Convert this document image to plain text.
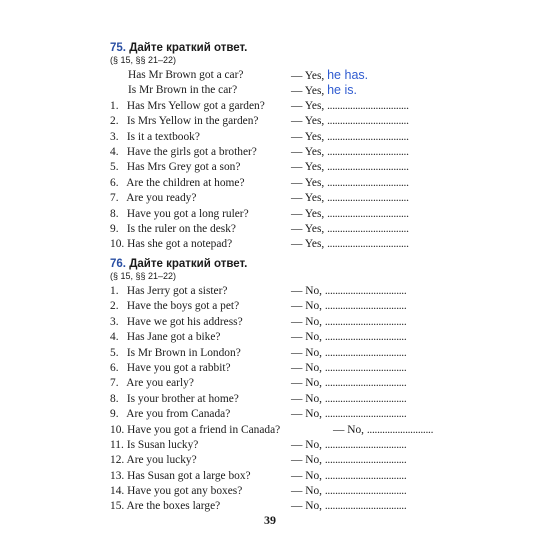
75. Дайте краткий ответ.
(§ 15, §§ 21–22)
Has Mr Brown got a car?	— Yes, he has.
Is Mr Brown in the car?	— Yes, he is.
1. Has Mrs Yellow got a garden? — Yes, ................................
2. Is Mrs Yellow in the garden?	— Yes, ................................
3. Is it a textbook?	— Yes, ................................
4. Have the girls got a brother?	— Yes, ................................
5. Has Mrs Grey got a son?	— Yes, ................................
6. Are the children at home?	— Yes, ................................
7. Are you ready?	— Yes, ................................
8. Have you got a long ruler?	— Yes, ................................
9. Is the ruler on the desk?	— Yes, ................................
10. Has she got a notepad?	— Yes, ................................
76. Дайте краткий ответ.
(§ 15, §§ 21–22)
1. Has Jerry got a sister?	— No, ................................
2. Have the boys got a pet?	— No, ................................
3. Have we got his address?	— No, ................................
4. Has Jane got a bike?	— No, ................................
5. Is Mr Brown in London?	— No, ................................
6. Have you got a rabbit?	— No, ................................
7. Are you early?	— No, ................................
8. Is your brother at home?	— No, ................................
9. Are you from Canada?	— No, ................................
10. Have you got a friend in Canada?	— No, ..........................
11. Is Susan lucky?	— No, ................................
12. Are you lucky?	— No, ................................
13. Has Susan got a large box?	— No, ................................
14. Have you got any boxes?	— No, ................................
15. Are the boxes large?	— No, ................................
39
